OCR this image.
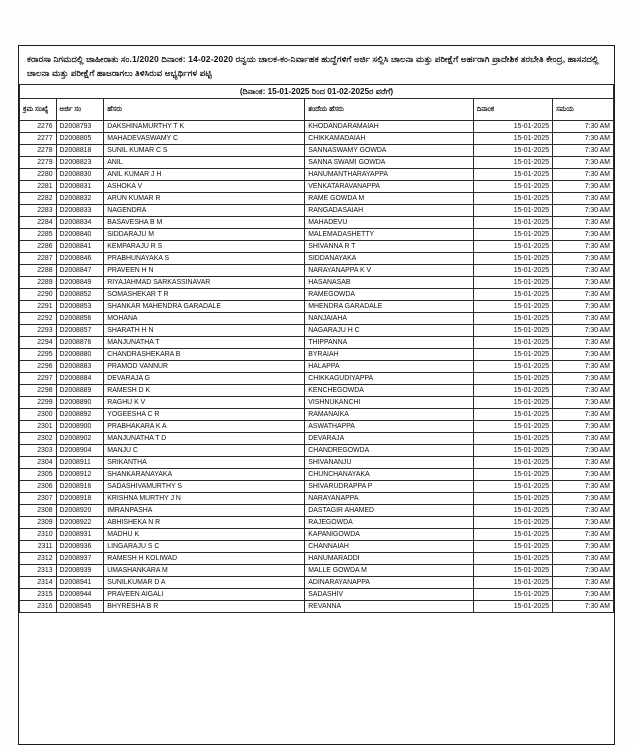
ಕರಾರಸಾ ನಿಗಮದಲ್ಲಿ ಜಾಹೀರಾತು ಸಂ.1/2020 ದಿನಾಂಕ: 14-02-2020 ರನ್ವಯ ಚಾಲಕ-ಕಂ-ನಿರ್ವಾಹಕ ಹುದ್ದೆಗಳಿಗೆ ಅರ್ಜಿ ಸಲ್ಲಿಸಿ ಚಾಲನಾ ಮತ್ತು ಪರೀಕ್ಷೆಗೆ ಅರ್ಹರಾಗಿ ಪ್ರಾದೇಶಿಕ ತರಬೇತಿ ಕೇಂದ್ರ, ಹಾಸನದಲ್ಲಿ ಚಾಲನಾ ಮತ್ತು ಪರೀಕ್ಷೆಗೆ ಹಾಜರಾಗಲು ತಿಳಿಸಿರುವ ಅಭ್ಯರ್ಥಿಗಳ ಪಟ್ಟಿ
(ದಿನಾಂಕ: 15-01-2025 ರಿಂದ 01-02-2025ರ ವರೆಗೆ)					
ಕ್ರಮ ಸಂಖ್ಯೆ	ಅರ್ಜಿ ಸಂ	ಹೆಸರು	ತಂದೆಯ ಹೆಸರು	ದಿನಾಂಕ	ಸಮಯ
2276	D2008793	DAKSHINAMURTHY T K	KHODANDARAMAIAH	15-01-2025	7:30 AM
2277	D2008805	MAHADEVASWAMY C	CHIKKAMADAIAH	15-01-2025	7:30 AM
2278	D2008818	SUNIL KUMAR C S	SANNASWAMY GOWDA	15-01-2025	7:30 AM
2279	D2008823	ANIL	SANNA SWAMI GOWDA	15-01-2025	7:30 AM
2280	D2008830	ANIL KUMAR J H	HANUMANTHARAYAPPA	15-01-2025	7:30 AM
2281	D2008831	ASHOKA V	VENKATARAVANAPPA	15-01-2025	7:30 AM
2282	D2008832	ARUN KUMAR R	RAME GOWDA M	15-01-2025	7:30 AM
2283	D2008833	NAGENDRA	RANGADASAIAH	15-01-2025	7:30 AM
2284	D2008834	BASAVESHA B M	MAHADEVU	15-01-2025	7:30 AM
2285	D2008840	SIDDARAJU M	MALEMADASHETTY	15-01-2025	7:30 AM
2286	D2008841	KEMPARAJU R S	SHIVANNA R T	15-01-2025	7:30 AM
2287	D2008846	PRABHUNAYAKA S	SIDDANAYAKA	15-01-2025	7:30 AM
2288	D2008847	PRAVEEN H N	NARAYANAPPA K V	15-01-2025	7:30 AM
2289	D2008849	RIYAJAHMAD SARKASSINAVAR	HASANASAB	15-01-2025	7:30 AM
2290	D2008852	SOMASHEKAR T R	RAMEGOWDA	15-01-2025	7:30 AM
2291	D2008853	SHANKAR MAHENDRA GARADALE	MHENDRA GARADALE	15-01-2025	7:30 AM
2292	D2008856	MOHANA	NANJAIAHA	15-01-2025	7:30 AM
2293	D2008857	SHARATH H N	NAGARAJU H C	15-01-2025	7:30 AM
2294	D2008876	MANJUNATHA T	THIPPANNA	15-01-2025	7:30 AM
2295	D2008880	CHANDRASHEKARA B	BYRAIAH	15-01-2025	7:30 AM
2296	D2008883	PRAMOD VANNUR	HALAPPA	15-01-2025	7:30 AM
2297	D2008884	DEVARAJA G	CHIKKAGUDIYAPPA	15-01-2025	7:30 AM
2298	D2008889	RAMESH D K	KENCHEGOWDA	15-01-2025	7:30 AM
2299	D2008890	RAGHU K V	VISHNUKANCHI	15-01-2025	7:30 AM
2300	D2008892	YOGEESHA C R	RAMANAIKA	15-01-2025	7:30 AM
2301	D2008900	PRABHAKARA K A	ASWATHAPPA	15-01-2025	7:30 AM
2302	D2008902	MANJUNATHA T D	DEVARAJA	15-01-2025	7:30 AM
2303	D2008904	MANJU C	CHANDREGOWDA	15-01-2025	7:30 AM
2304	D2008911	SRIKANTHA	SHIVANANJU	15-01-2025	7:30 AM
2305	D2008912	SHANKARANAYAKA	CHUNCHANAYAKA	15-01-2025	7:30 AM
2306	D2008916	SADASHIVAMURTHY S	SHIVARUDRAPPA P	15-01-2025	7:30 AM
2307	D2008918	KRISHNA MURTHY J N	NARAYANAPPA	15-01-2025	7:30 AM
2308	D2008920	IMRANPASHA	DASTAGIR AHAMED	15-01-2025	7:30 AM
2309	D2008922	ABHISHEKA N R	RAJEGOWDA	15-01-2025	7:30 AM
2310	D2008931	MADHU K	KAPANIGOWDA	15-01-2025	7:30 AM
2311	D2008936	LINGARAJU S C	CHANNAIAH	15-01-2025	7:30 AM
2312	D2008937	RAMESH H KOLIWAD	HANUMARADDI	15-01-2025	7:30 AM
2313	D2008939	UMASHANKARA M	MALLE GOWDA M	15-01-2025	7:30 AM
2314	D2008941	SUNILKUMAR D A	ADINARAYANAPPA	15-01-2025	7:30 AM
2315	D2008944	PRAVEEN AIGALI	SADASHIV	15-01-2025	7:30 AM
2316	D2008945	BHYRESHA B R	REVANNA	15-01-2025	7:30 AM
